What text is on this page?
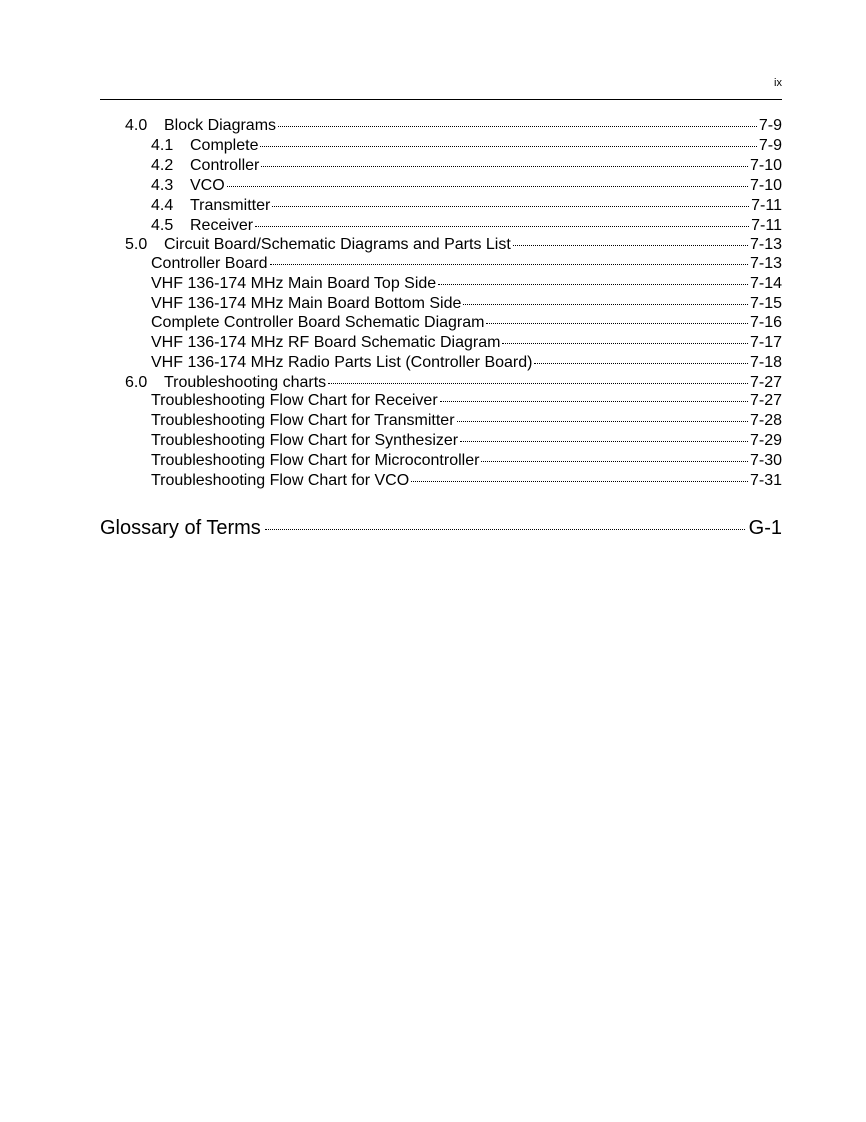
ix
4.0	Block Diagrams	7-9
4.1	Complete	7-9
4.2	Controller	7-10
4.3	VCO	7-10
4.4	Transmitter	7-11
4.5	Receiver	7-11
5.0	Circuit Board/Schematic Diagrams and Parts List	7-13
Controller Board	7-13
VHF 136-174 MHz Main Board Top Side	7-14
VHF 136-174 MHz Main Board Bottom Side	7-15
Complete Controller Board Schematic Diagram	7-16
VHF 136-174 MHz RF Board Schematic Diagram	7-17
VHF 136-174 MHz Radio Parts List (Controller Board)	7-18
6.0	Troubleshooting charts	7-27
Troubleshooting Flow Chart for Receiver	7-27
Troubleshooting Flow Chart for Transmitter	7-28
Troubleshooting Flow Chart for Synthesizer	7-29
Troubleshooting Flow Chart for Microcontroller	7-30
Troubleshooting Flow Chart for VCO	7-31
Glossary of Terms	G-1
